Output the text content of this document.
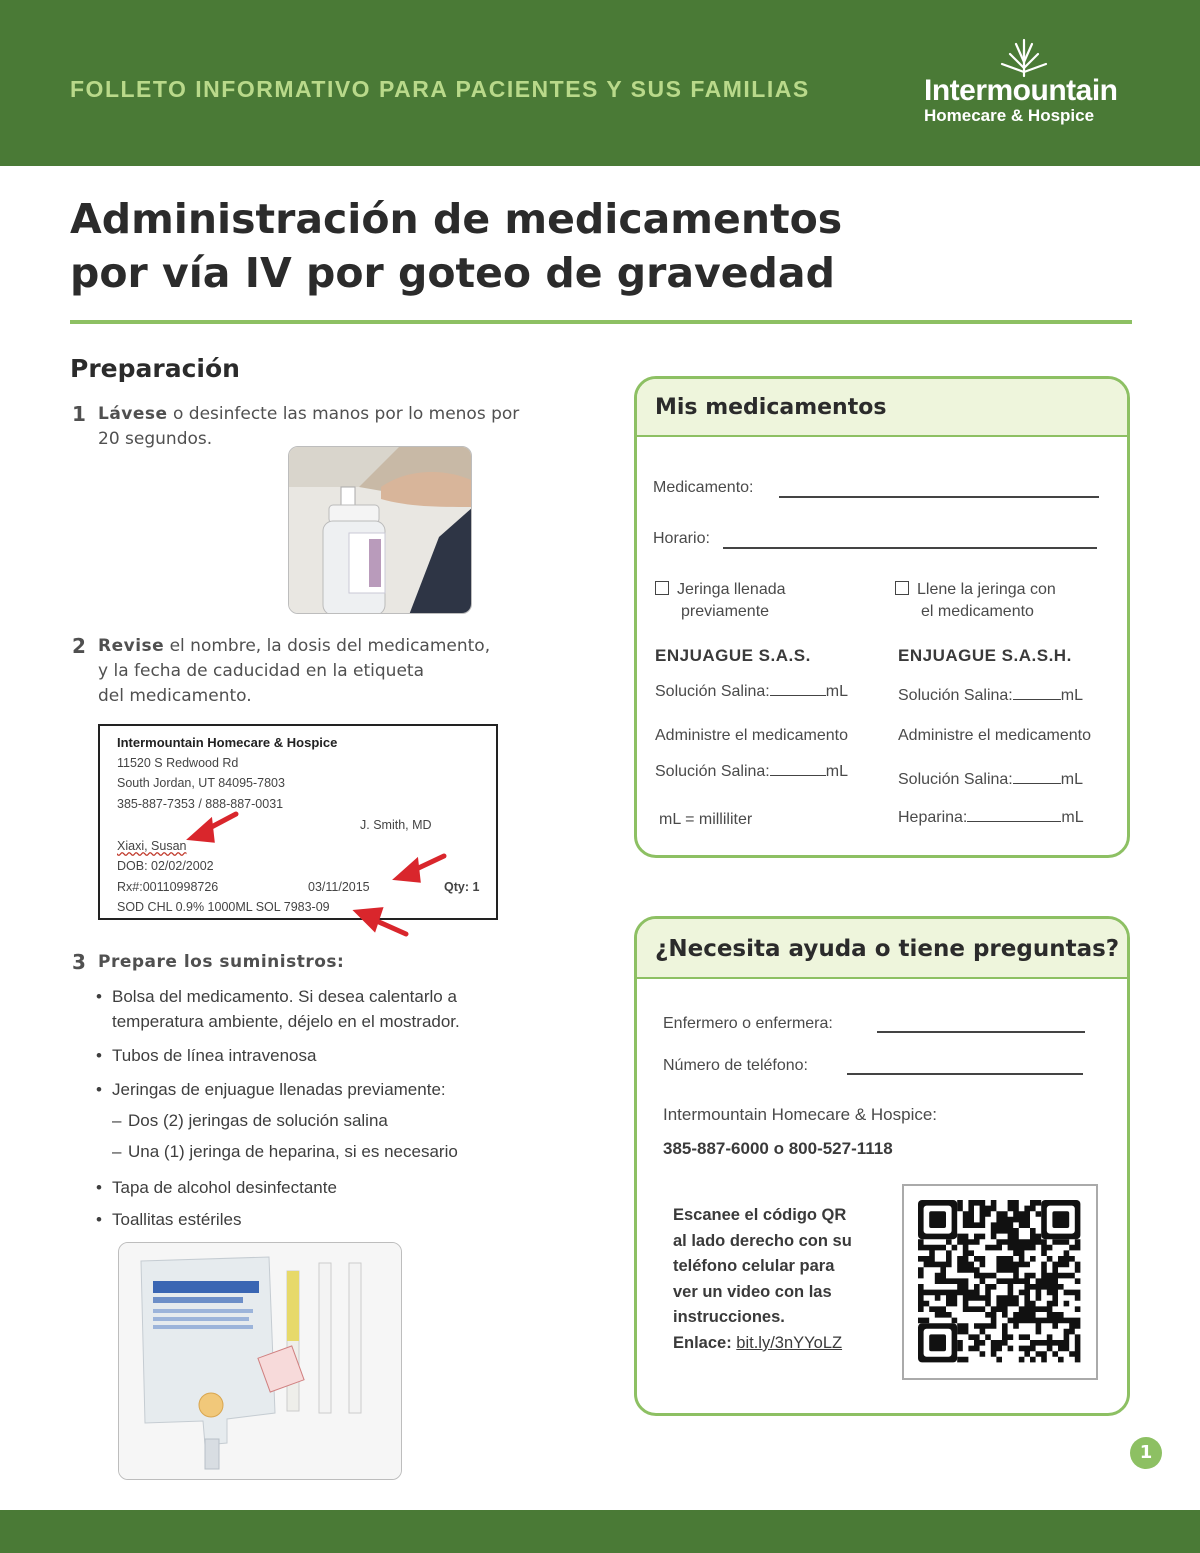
FOLLETO INFORMATIVO PARA PACIENTES Y SUS FAMILIAS	Intermountain
Homecare & Hospice
Administración de medicamentos
por vía IV por goteo de gravedad
Preparación
1 Lávese o desinfecte las manos por lo menos por
20 segundos.
2 Revise el nombre, la dosis del medicamento,
y la fecha de caducidad en la etiqueta
del medicamento.
Intermountain Homecare & Hospice
11520 S Redwood Rd
South Jordan, UT 84095-7803
385-887-7353 / 888-887-0031
J. Smith, MD
Xiaxi, Susan
DOB: 02/02/2002
Rx#:00110998726	03/11/2015	Qty: 1
SOD CHL 0.9% 1000ML SOL 7983-09
3 Prepare los suministros:
• Bolsa del medicamento. Si desea calentarlo a
temperatura ambiente, déjelo en el mostrador.
• Tubos de línea intravenosa
• Jeringas de enjuague llenadas previamente:
– Dos (2) jeringas de solución salina
– Una (1) jeringa de heparina, si es necesario
• Tapa de alcohol desinfectante
• Toallitas estériles
Mis medicamentos
Medicamento:
Horario:
Jeringa llenada
previamente
Llene la jeringa con
el medicamento
ENJUAGUE S.A.S.	ENJUAGUE S.A.S.H.
Solución Salina:	mL	Solución Salina:	mL
Administre el medicamento	Administre el medicamento
Solución Salina:	mL	Solución Salina:	mL
mL = milliliter	Heparina:	mL
¿Necesita ayuda o tiene preguntas?
Enfermero o enfermera:
Número de teléfono:
Intermountain Homecare & Hospice:
385-887-6000 o 800-527-1118
Escanee el código QR
al lado derecho con su
teléfono celular para
ver un video con las
instrucciones.
Enlace: bit.ly/3nYYoLZ
1
